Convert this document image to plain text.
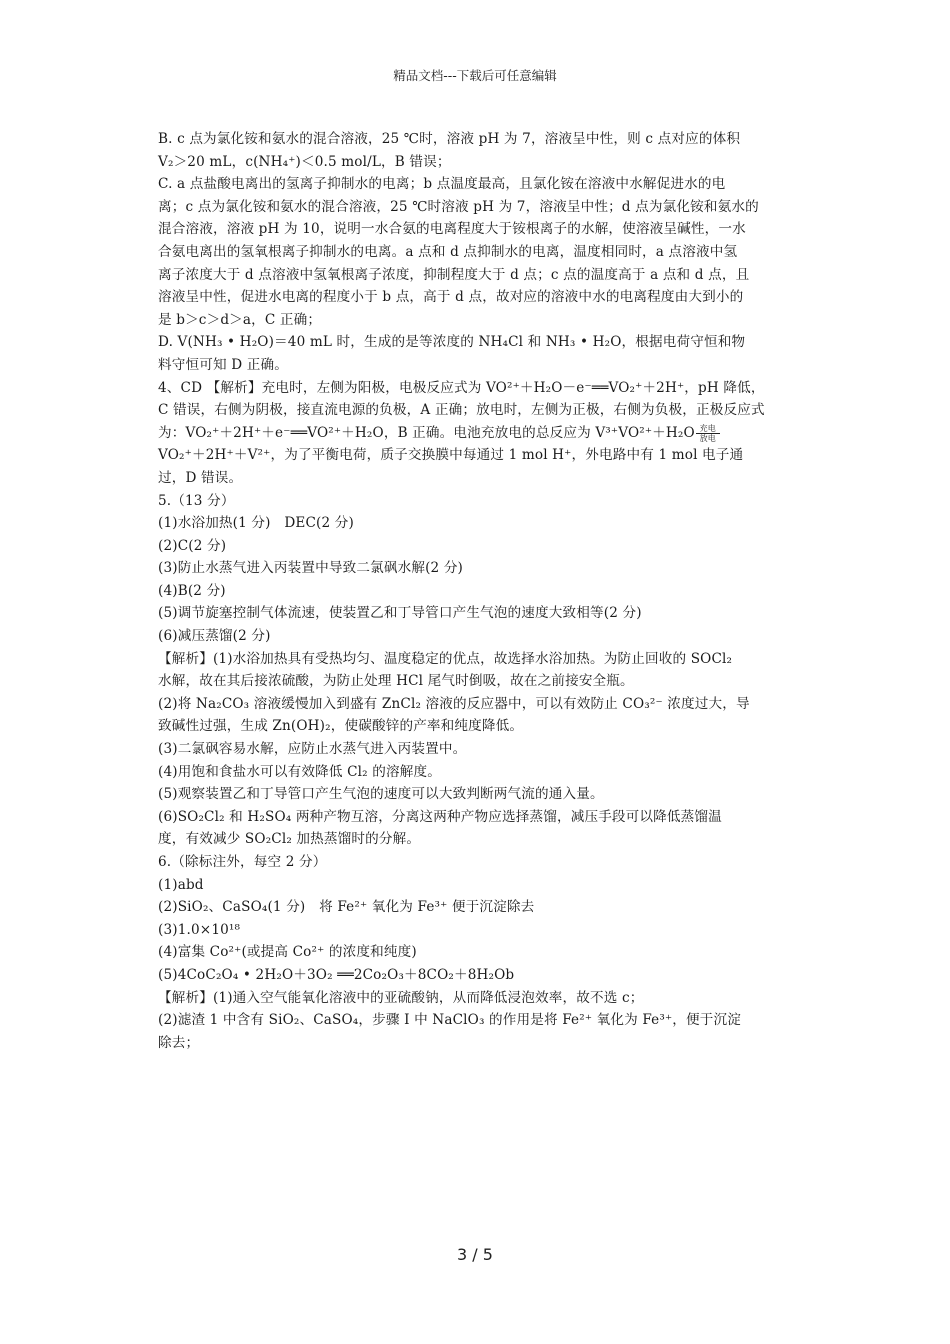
精品文档---下载后可任意编辑

B. c 点为氯化铵和氨水的混合溶液，25 ℃时，溶液 pH 为 7，溶液呈中性，则 c 点对应的体积

V₂＞20 mL，c(NH₄⁺)＜0.5 mol/L，B 错误；

C. a 点盐酸电离出的氢离子抑制水的电离；b 点温度最高，且氯化铵在溶液中水解促进水的电

离；c 点为氯化铵和氨水的混合溶液，25 ℃时溶液 pH 为 7，溶液呈中性；d 点为氯化铵和氨水的

混合溶液，溶液 pH 为 10，说明一水合氨的电离程度大于铵根离子的水解，使溶液呈碱性，一水

合氨电离出的氢氧根离子抑制水的电离。a 点和 d 点抑制水的电离，温度相同时，a 点溶液中氢

离子浓度大于 d 点溶液中氢氧根离子浓度，抑制程度大于 d 点；c 点的温度高于 a 点和 d 点，且

溶液呈中性，促进水电离的程度小于 b 点，高于 d 点，故对应的溶液中水的电离程度由大到小的

是 b＞c＞d＞a，C 正确；

D. V(NH₃ • H₂O)＝40 mL 时，生成的是等浓度的 NH₄Cl 和 NH₃ • H₂O，根据电荷守恒和物

料守恒可知 D 正确。

4、CD 【解析】充电时，左侧为阳极，电极反应式为 VO²⁺＋H₂O－e⁻══VO₂⁺＋2H⁺，pH 降低，

C 错误，右侧为阴极，接直流电源的负极，A 正确；放电时，左侧为正极，右侧为负极，正极反应式

为：VO₂⁺＋2H⁺＋e⁻══VO²⁺＋H₂O，B 正确。电池充放电的总反应为 V³⁺VO²⁺＋H₂O 充电
放电

VO₂⁺＋2H⁺＋V²⁺，为了平衡电荷，质子交换膜中每通过 1 mol H⁺，外电路中有 1 mol 电子通

过，D 错误。

5.（13 分）

(1)水浴加热(1 分)　DEC(2 分)

(2)C(2 分)

(3)防止水蒸气进入丙装置中导致二氯砜水解(2 分)

(4)B(2 分)

(5)调节旋塞控制气体流速，使装置乙和丁导管口产生气泡的速度大致相等(2 分)

(6)减压蒸馏(2 分)

【解析】(1)水浴加热具有受热均匀、温度稳定的优点，故选择水浴加热。为防止回收的 SOCl₂

水解，故在其后接浓硫酸，为防止处理 HCl 尾气时倒吸，故在之前接安全瓶。

(2)将 Na₂CO₃ 溶液缓慢加入到盛有 ZnCl₂ 溶液的反应器中，可以有效防止 CO₃²⁻ 浓度过大，导

致碱性过强，生成 Zn(OH)₂，使碳酸锌的产率和纯度降低。

(3)二氯砜容易水解，应防止水蒸气进入丙装置中。

(4)用饱和食盐水可以有效降低 Cl₂ 的溶解度。

(5)观察装置乙和丁导管口产生气泡的速度可以大致判断两气流的通入量。

(6)SO₂Cl₂ 和 H₂SO₄ 两种产物互溶，分离这两种产物应选择蒸馏，减压手段可以降低蒸馏温

度，有效减少 SO₂Cl₂ 加热蒸馏时的分解。

6.（除标注外，每空 2 分）

(1)abd

(2)SiO₂、CaSO₄(1 分)　将 Fe²⁺ 氧化为 Fe³⁺ 便于沉淀除去

(3)1.0×10¹⁸

(4)富集 Co²⁺(或提高 Co²⁺ 的浓度和纯度)

(5)4CoC₂O₄ • 2H₂O＋3O₂ ══2Co₂O₃＋8CO₂＋8H₂Ob

【解析】(1)通入空气能氧化溶液中的亚硫酸钠，从而降低浸泡效率，故不选 c；

(2)滤渣 1 中含有 SiO₂、CaSO₄，步骤 Ⅰ 中 NaClO₃ 的作用是将 Fe²⁺ 氧化为 Fe³⁺，便于沉淀

除去；

3 / 5
